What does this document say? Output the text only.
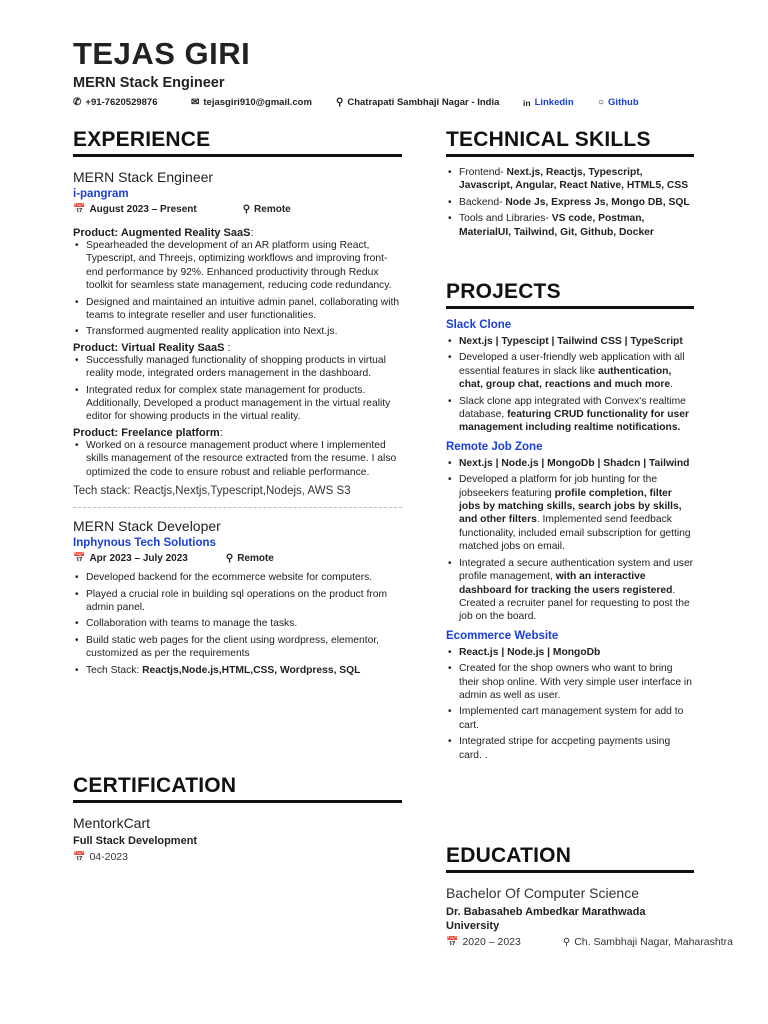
TEJAS GIRI
MERN Stack Engineer
✆ +91-7620529876	✉ tejasgiri910@gmail.com ⚲ Chatrapati Sambhaji Nagar - India	in Linkedin ○ Github
EXPERIENCE
MERN Stack Engineer
i-pangram
📅 August 2023 – Present	⚲ Remote
Product: Augmented Reality SaaS:
• Spearheaded the development of an AR platform using React, Typescript, and Threejs, optimizing workflows and improving front-end performance by 92%. Enhanced productivity through Redux toolkit for seamless state management, reducing code redundancy.
• Designed and maintained an intuitive admin panel, collaborating with teams to integrate reseller and user functionalities.
• Transformed augmented reality application into Next.js.
Product: Virtual Reality SaaS :
• Successfully managed functionality of shopping products in virtual reality mode, integrated orders management in the dashboard.
• Integrated redux for complex state management for products. Additionally, Developed a product management in the virtual reality editor for showing products in the virtual reality.
Product: Freelance platform:
• Worked on a resource management product where I implemented skills management of the resource extracted from the resume. I also optimized the code to ensure robust and reliable performance.
Tech stack: Reactjs,Nextjs,Typescript,Nodejs, AWS S3
MERN Stack Developer
Inphynous Tech Solutions
📅 Apr 2023 – July 2023	⚲ Remote
• Developed backend for the ecommerce website for computers.
• Played a crucial role in building sql operations on the product from admin panel.
• Collaboration with teams to manage the tasks.
• Build static web pages for the client using wordpress, elementor, customized as per the requirements
• Tech Stack: Reactjs,Node.js,HTML,CSS, Wordpress, SQL
CERTIFICATION
MentorkCart
Full Stack Development
📅 04-2023
TECHNICAL SKILLS
• Frontend- Next.js, Reactjs, Typescript, Javascript, Angular, React Native, HTML5, CSS
• Backend- Node Js, Express Js, Mongo DB, SQL
• Tools and Libraries- VS code, Postman, MaterialUI, Tailwind, Git, Github, Docker
PROJECTS
Slack Clone
• Next.js | Typescipt | Tailwind CSS | TypeScript
• Developed a user-friendly web application with all essential features in slack like authentication, chat, group chat, reactions and much more.
• Slack clone app integrated with Convex's realtime database, featuring CRUD functionality for user management including realtime notifications.
Remote Job Zone
• Next.js | Node.js | MongoDb | Shadcn | Tailwind
• Developed a platform for job hunting for the jobseekers featuring profile completion, filter jobs by matching skills, search jobs by skills, and other filters. Implemented send feedback functionality, included email subscription for getting matched jobs on email.
• Integrated a secure authentication system and user profile management, with an interactive dashboard for tracking the users registered. Created a recruiter panel for requesting to post the job on the board.
Ecommerce Website
• React.js | Node.js | MongoDb
• Created for the shop owners who want to bring their shop online. With very simple user interface in admin as well as user.
• Implemented cart management system for add to cart.
• Integrated stripe for accpeting payments using card. .
EDUCATION
Bachelor Of Computer Science
Dr. Babasaheb Ambedkar Marathwada University
📅 2020 – 2023	⚲ Ch. Sambhaji Nagar, Maharashtra
